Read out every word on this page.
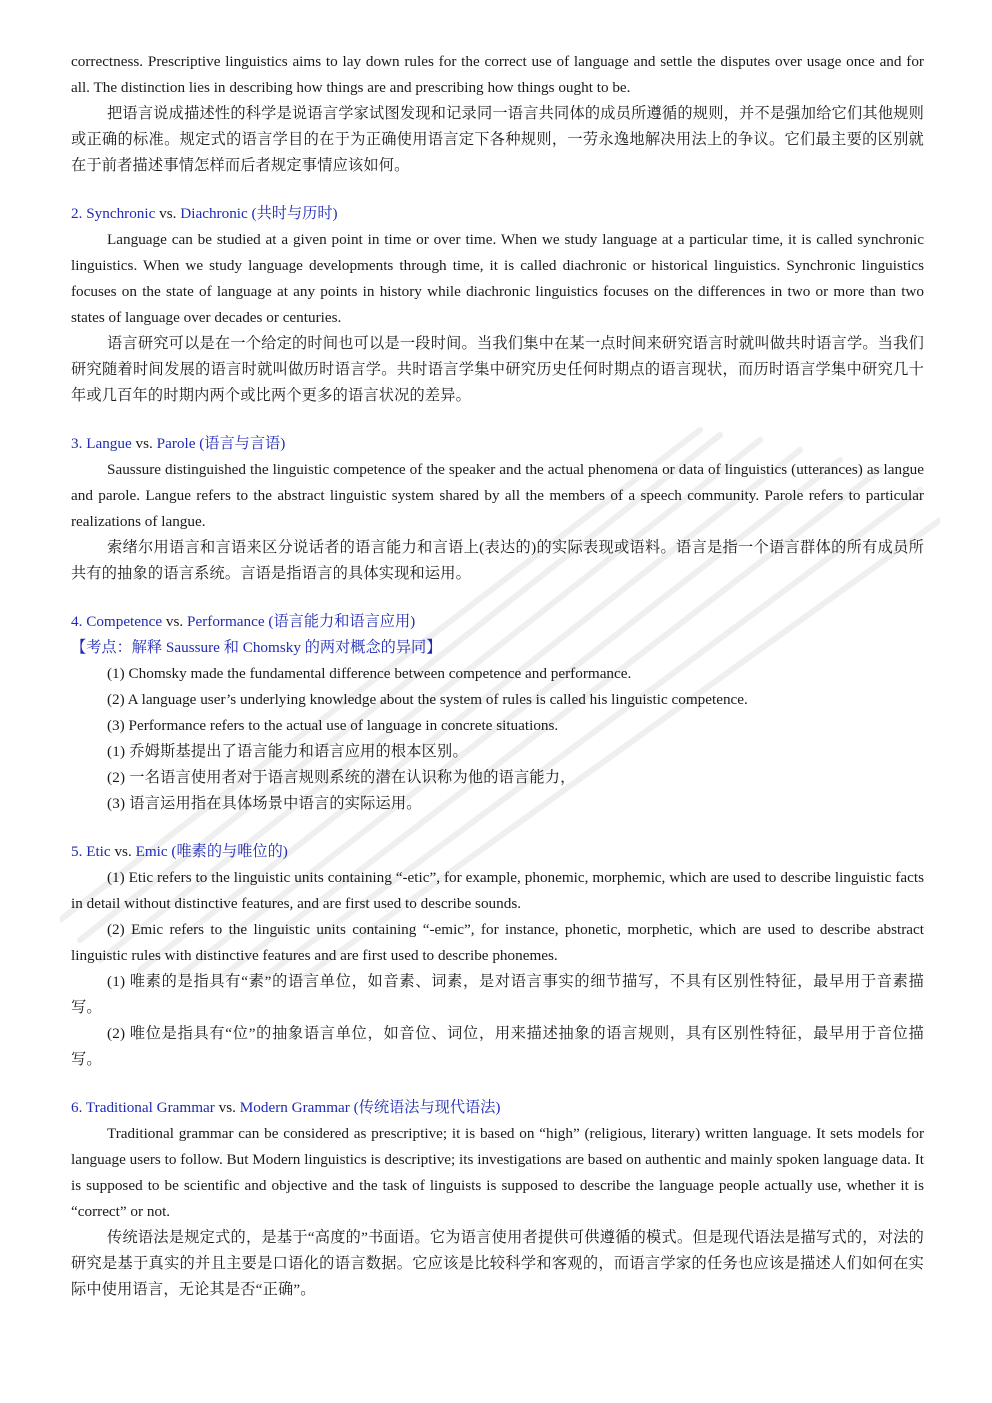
correctness. Prescriptive linguistics aims to lay down rules for the correct use of language and settle the disputes over usage once and for all. The distinction lies in describing how things are and prescribing how things ought to be.

把语言说成描述性的科学是说语言学家试图发现和记录同一语言共同体的成员所遵循的规则，并不是强加给它们其他规则或正确的标准。规定式的语言学目的在于为正确使用语言定下各种规则，一劳永逸地解决用法上的争议。它们最主要的区别就在于前者描述事情怎样而后者规定事情应该如何。

2. Synchronic vs. Diachronic (共时与历时)

Language can be studied at a given point in time or over time. When we study language at a particular time, it is called synchronic linguistics. When we study language developments through time, it is called diachronic or historical linguistics. Synchronic linguistics focuses on the state of language at any points in history while diachronic linguistics focuses on the differences in two or more than two states of language over decades or centuries.

语言研究可以是在一个给定的时间也可以是一段时间。当我们集中在某一点时间来研究语言时就叫做共时语言学。当我们研究随着时间发展的语言时就叫做历时语言学。共时语言学集中研究历史任何时期点的语言现状，而历时语言学集中研究几十年或几百年的时期内两个或比两个更多的语言状况的差异。

3. Langue vs. Parole (语言与言语)

Saussure distinguished the linguistic competence of the speaker and the actual phenomena or data of linguistics (utterances) as langue and parole. Langue refers to the abstract linguistic system shared by all the members of a speech community. Parole refers to particular realizations of langue.

索绪尔用语言和言语来区分说话者的语言能力和言语上(表达的)的实际表现或语料。语言是指一个语言群体的所有成员所共有的抽象的语言系统。言语是指语言的具体实现和运用。

4. Competence vs. Performance (语言能力和语言应用)

【考点：解释 Saussure 和 Chomsky 的两对概念的异同】

(1) Chomsky made the fundamental difference between competence and performance.

(2) A language user’s underlying knowledge about the system of rules is called his linguistic competence.

(3) Performance refers to the actual use of language in concrete situations.

(1) 乔姆斯基提出了语言能力和语言应用的根本区别。

(2) 一名语言使用者对于语言规则系统的潜在认识称为他的语言能力，

(3) 语言运用指在具体场景中语言的实际运用。

5. Etic vs. Emic (唯素的与唯位的)

(1) Etic refers to the linguistic units containing “-etic”, for example, phonemic, morphemic, which are used to describe linguistic facts in detail without distinctive features, and are first used to describe sounds.

(2) Emic refers to the linguistic units containing “-emic”, for instance, phonetic, morphetic, which are used to describe abstract linguistic rules with distinctive features and are first used to describe phonemes.

(1) 唯素的是指具有“素”的语言单位，如音素、词素，是对语言事实的细节描写，不具有区别性特征，最早用于音素描写。

(2) 唯位是指具有“位”的抽象语言单位，如音位、词位，用来描述抽象的语言规则，具有区别性特征，最早用于音位描写。

6. Traditional Grammar vs. Modern Grammar (传统语法与现代语法)

Traditional grammar can be considered as prescriptive; it is based on “high” (religious, literary) written language. It sets models for language users to follow. But Modern linguistics is descriptive; its investigations are based on authentic and mainly spoken language data. It is supposed to be scientific and objective and the task of linguists is supposed to describe the language people actually use, whether it is “correct” or not.

传统语法是规定式的，是基于“高度的”书面语。它为语言使用者提供可供遵循的模式。但是现代语法是描写式的，对法的研究是基于真实的并且主要是口语化的语言数据。它应该是比较科学和客观的，而语言学家的任务也应该是描述人们如何在实际中使用语言，无论其是否“正确”。
